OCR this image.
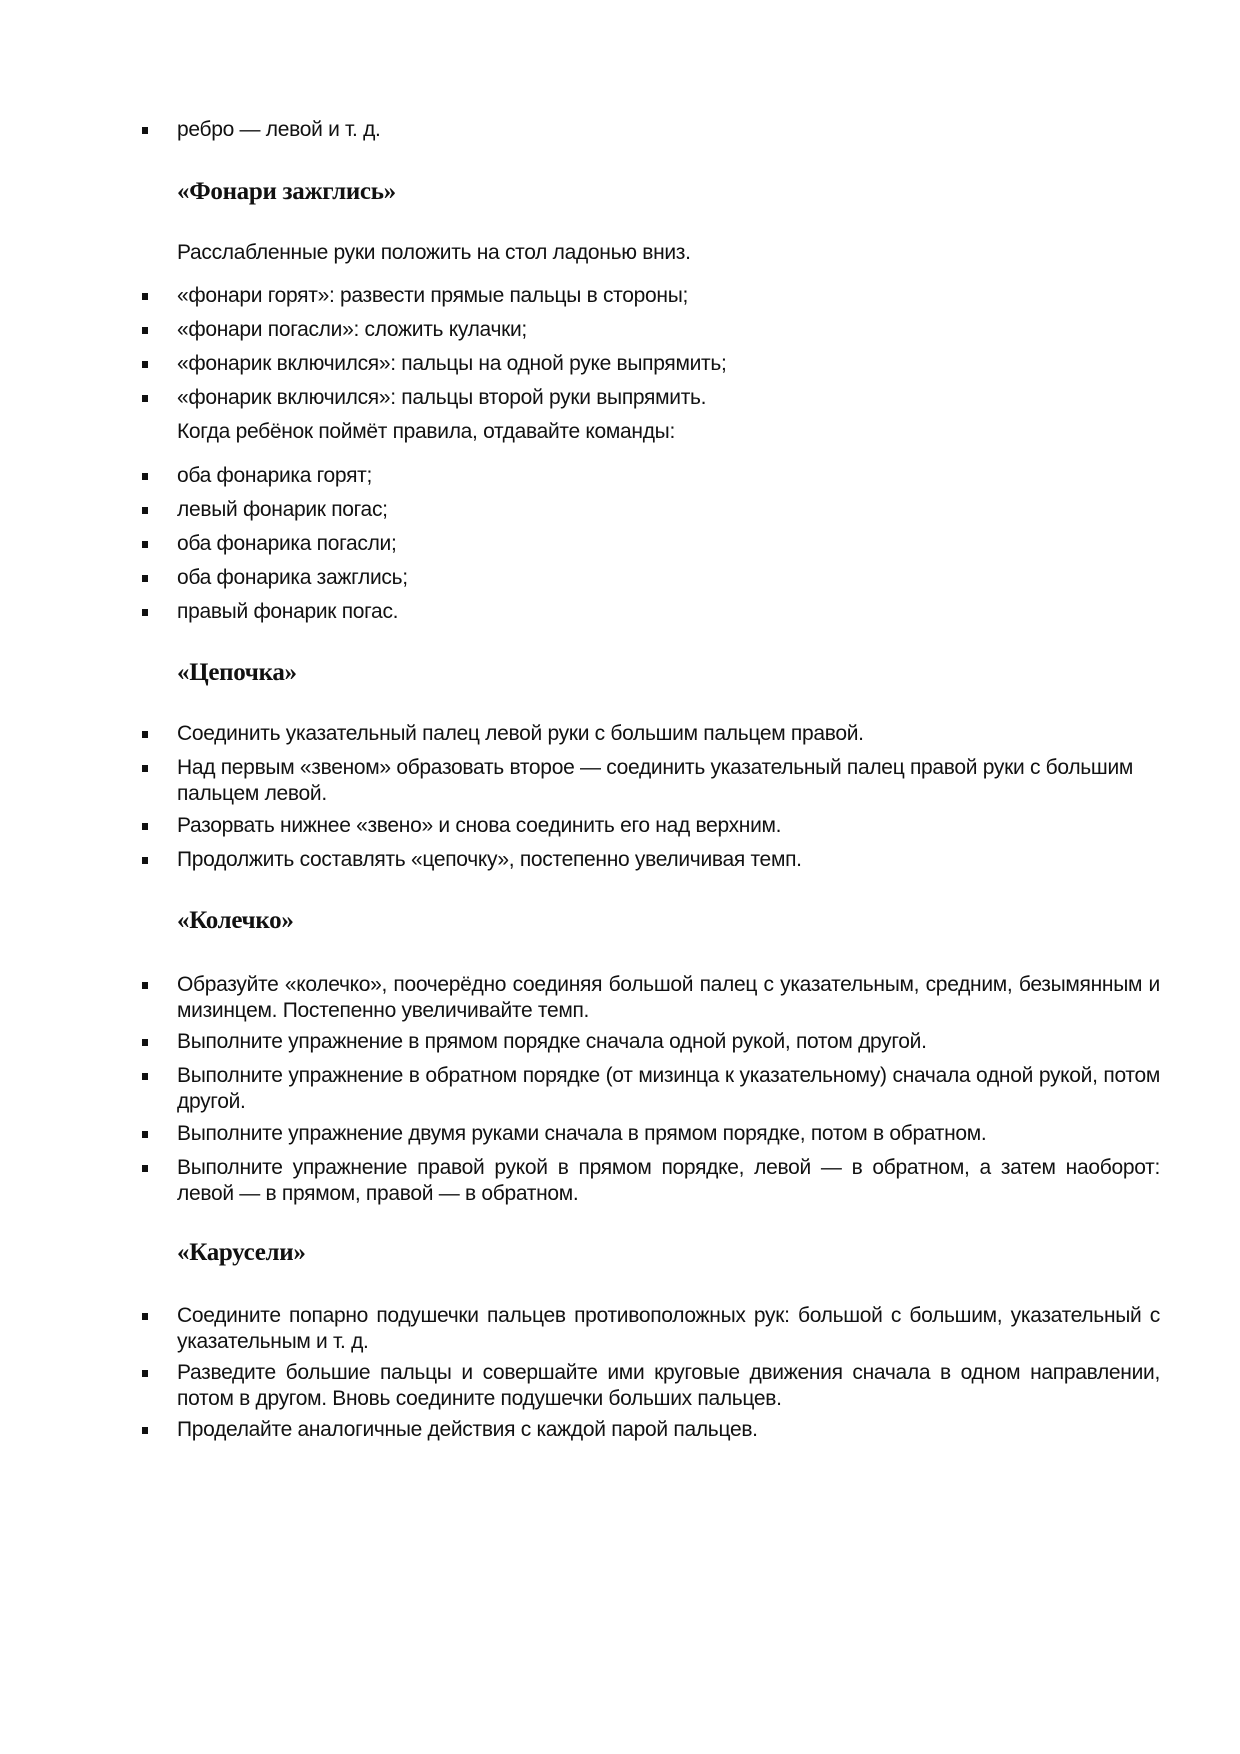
ребро — левой и т. д.
«Фонари зажглись»
Расслабленные руки положить на стол ладонью вниз.
«фонари горят»: развести прямые пальцы в стороны;
«фонари погасли»: сложить кулачки;
«фонарик включился»: пальцы на одной руке выпрямить;
«фонарик включился»: пальцы второй руки выпрямить.
Когда ребёнок поймёт правила, отдавайте команды:
оба фонарика горят;
левый фонарик погас;
оба фонарика погасли;
оба фонарика зажглись;
правый фонарик погас.
«Цепочка»
Соединить указательный палец левой руки с большим пальцем правой.
Над первым «звеном» образовать второе — соединить указательный палец правой руки с большим пальцем левой.
Разорвать нижнее «звено» и снова соединить его над верхним.
Продолжить составлять «цепочку», постепенно увеличивая темп.
«Колечко»
Образуйте «колечко», поочерёдно соединяя большой палец с указательным, средним, безымянным и мизинцем. Постепенно увеличивайте темп.
Выполните упражнение в прямом порядке сначала одной рукой, потом другой.
Выполните упражнение в обратном порядке (от мизинца к указательному) сначала одной рукой, потом другой.
Выполните упражнение двумя руками сначала в прямом порядке, потом в обратном.
Выполните упражнение правой рукой в прямом порядке, левой — в обратном, а затем наоборот: левой — в прямом, правой — в обратном.
«Карусели»
Соедините попарно подушечки пальцев противоположных рук: большой с большим, указательный с указательным и т. д.
Разведите большие пальцы и совершайте ими круговые движения сначала в одном направлении, потом в другом. Вновь соедините подушечки больших пальцев.
Проделайте аналогичные действия с каждой парой пальцев.
